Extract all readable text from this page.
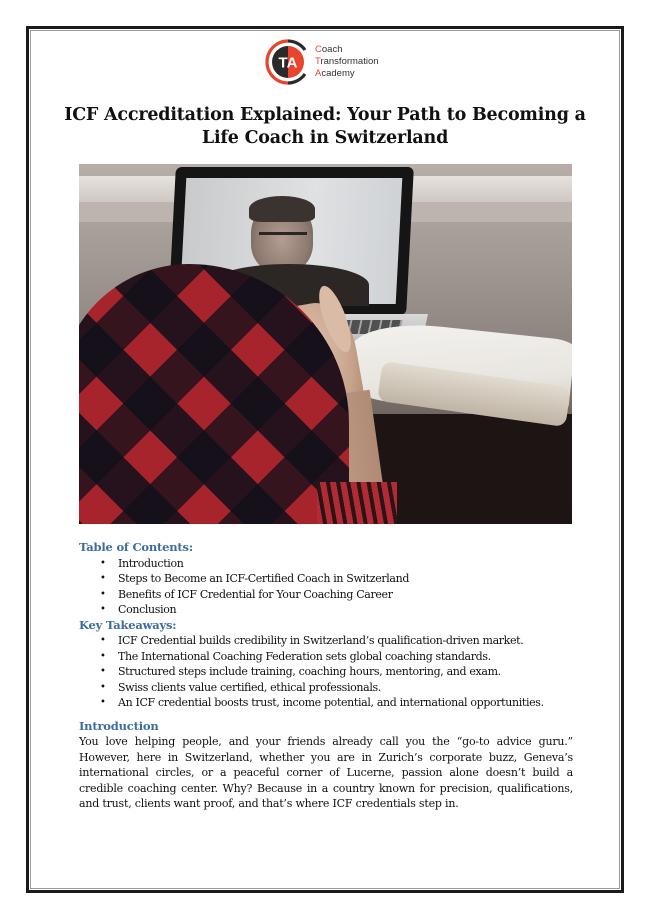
TA
Coach
Transformation
Academy
ICF Accreditation Explained: Your Path to Becoming a Life Coach in Switzerland
Table of Contents:
• Introduction
• Steps to Become an ICF-Certified Coach in Switzerland
• Benefits of ICF Credential for Your Coaching Career
• Conclusion
Key Takeaways:
• ICF Credential builds credibility in Switzerland’s qualification-driven market.
• The International Coaching Federation sets global coaching standards.
• Structured steps include training, coaching hours, mentoring, and exam.
• Swiss clients value certified, ethical professionals.
• An ICF credential boosts trust, income potential, and international opportunities.
Introduction

You love helping people, and your friends already call you the “go-to advice guru.” However, here in Switzerland, whether you are in Zurich’s corporate buzz, Geneva’s international circles, or a peaceful corner of Lucerne, passion alone doesn’t build a credible coaching center. Why? Because in a country known for precision, qualifications, and trust, clients want proof, and that’s where ICF credentials step in.
